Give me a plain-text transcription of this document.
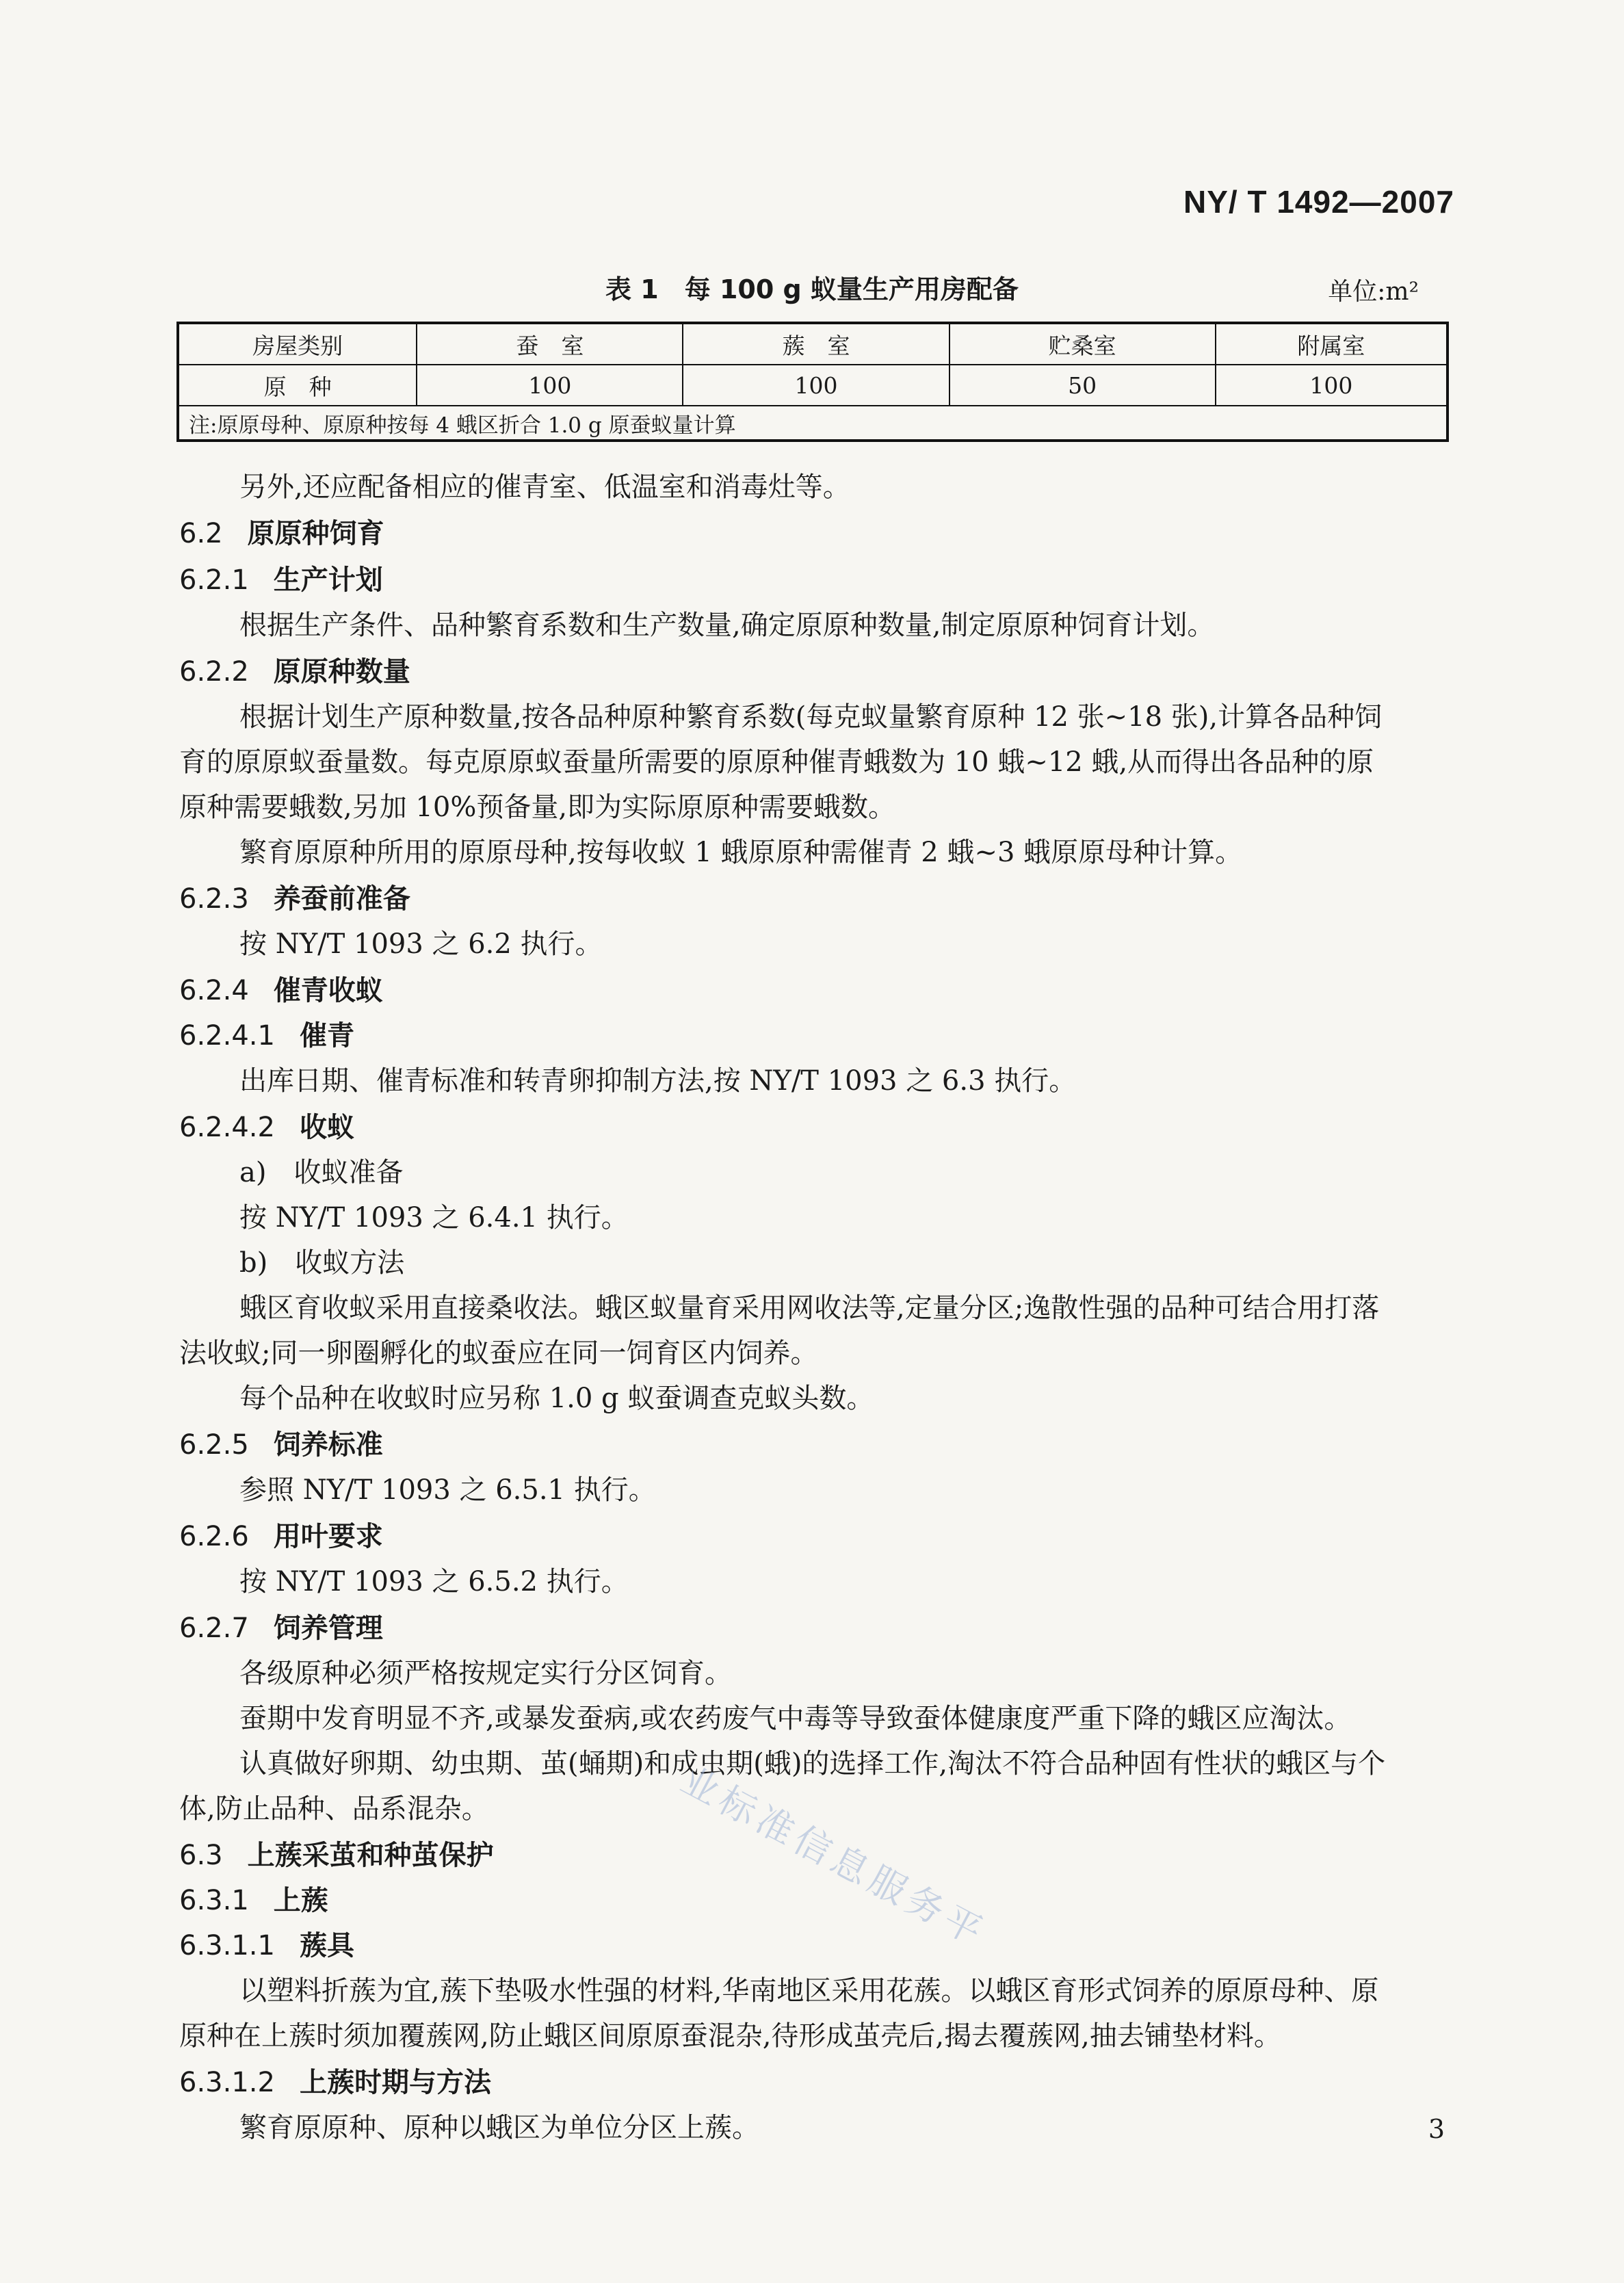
NY/ T 1492—2007
表 1　每 100 g 蚁量生产用房配备	单位:m²
房屋类别	蚕　室	蔟　室	贮桑室	附属室
原　种	100	100	50	100
注:原原母种、原原种按每 4 蛾区折合 1.0 g 原蚕蚁量计算				
另外,还应配备相应的催青室、低温室和消毒灶等。
6.2 原原种饲育
6.2.1 生产计划
根据生产条件、品种繁育系数和生产数量,确定原原种数量,制定原原种饲育计划。
6.2.2 原原种数量
根据计划生产原种数量,按各品种原种繁育系数(每克蚁量繁育原种 12 张~18 张),计算各品种饲
育的原原蚁蚕量数。每克原原蚁蚕量所需要的原原种催青蛾数为 10 蛾~12 蛾,从而得出各品种的原
原种需要蛾数,另加 10%预备量,即为实际原原种需要蛾数。
繁育原原种所用的原原母种,按每收蚁 1 蛾原原种需催青 2 蛾~3 蛾原原母种计算。
6.2.3 养蚕前准备
按 NY/T 1093 之 6.2 执行。
6.2.4 催青收蚁
6.2.4.1 催青
出库日期、催青标准和转青卵抑制方法,按 NY/T 1093 之 6.3 执行。
6.2.4.2 收蚁
a)　收蚁准备
按 NY/T 1093 之 6.4.1 执行。
b)　收蚁方法
蛾区育收蚁采用直接桑收法。蛾区蚁量育采用网收法等,定量分区;逸散性强的品种可结合用打落
法收蚁;同一卵圈孵化的蚁蚕应在同一饲育区内饲养。
每个品种在收蚁时应另称 1.0 g 蚁蚕调查克蚁头数。
6.2.5 饲养标准
参照 NY/T 1093 之 6.5.1 执行。
6.2.6 用叶要求
按 NY/T 1093 之 6.5.2 执行。
6.2.7 饲养管理
各级原种必须严格按规定实行分区饲育。
蚕期中发育明显不齐,或暴发蚕病,或农药废气中毒等导致蚕体健康度严重下降的蛾区应淘汰。
认真做好卵期、幼虫期、茧(蛹期)和成虫期(蛾)的选择工作,淘汰不符合品种固有性状的蛾区与个
体,防止品种、品系混杂。
6.3 上蔟采茧和种茧保护
6.3.1 上蔟
6.3.1.1 蔟具
以塑料折蔟为宜,蔟下垫吸水性强的材料,华南地区采用花蔟。以蛾区育形式饲养的原原母种、原
原种在上蔟时须加覆蔟网,防止蛾区间原原蚕混杂,待形成茧壳后,揭去覆蔟网,抽去铺垫材料。
6.3.1.2 上蔟时期与方法
繁育原原种、原种以蛾区为单位分区上蔟。
业标准信息服务平
3
